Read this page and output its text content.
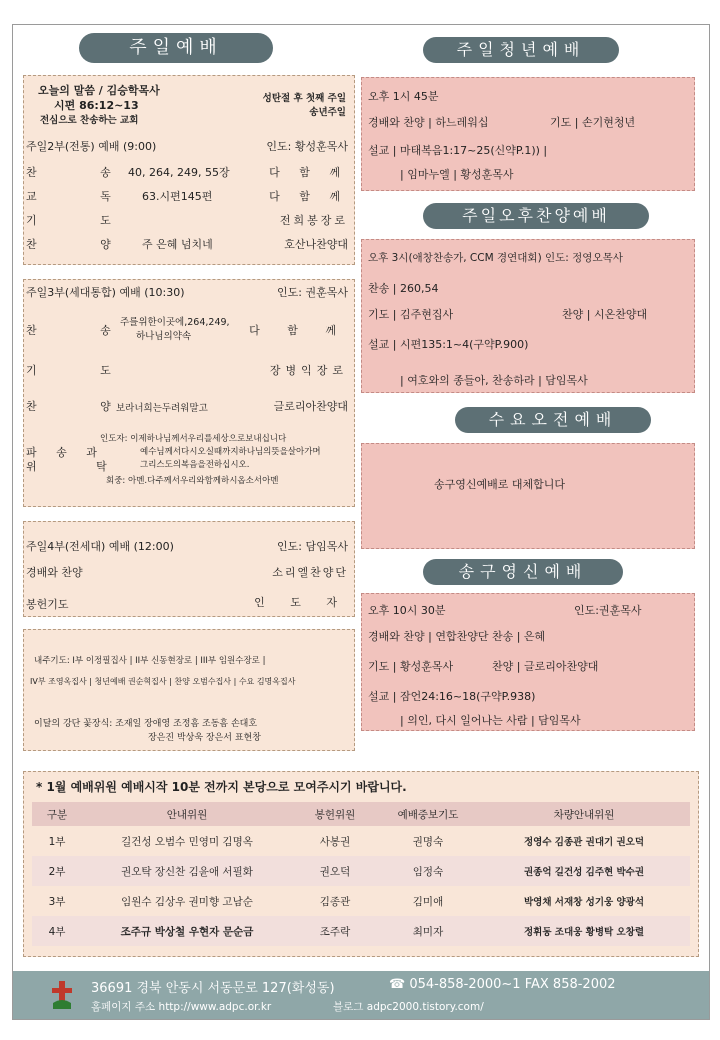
주일예배
오늘의 말씀 / 김승학목사
시편 86:12~13
전심으로 찬송하는 교회
성탄절 후 첫째 주일
송년주일
주일2부(전통) 예배 (9:00)	인도: 황성훈목사
찬 송
40, 264, 249, 55장	다 함 께
교 독 63.시편145편	다 함 께
기 도	전희봉장로
찬 양 주 은혜 넘치네	호산나찬양대
주일3부(세대통합) 예배 (10:30)	인도: 권훈목사
찬 송
주를위한이곳에,264,249,
하나님의약속	다 함 께
기 도	장병익장로
찬 양
보라너희는두려워말고	글로리아찬양대
파 송 과
위 탁
인도자: 이제하나님께서우리를세상으로보내십니다
예수님께서다시오실때까지하나님의뜻을살아가며
그리스도의복음을전하십시오.
회중: 아멘.다주께서우리와함께하시옵소서아멘
주일4부(전세대) 예배 (12:00)	인도: 담임목사
경배와 찬양	소리엘찬양단
봉헌기도	인 도 자
내주기도: I부 이정필집사 | II부 신동현장로 | III부 임원수장로 |
IV부 조영옥집사 | 청년예배 권순혁집사 | 찬양 오범수집사 | 수요 김명옥집사
이달의 강단 꽃장식: 조재일 장애영 조정흠 조동흠 손대호
장은진 박상욱 장은서 표현창
주일청년예배
오후 1시 45분
경배와 찬양 | 하느레워십	기도 | 손기현청년
설교 | 마태복음1:17~25(신약P.1)) |
| 임마누엘 | 황성훈목사
주일오후찬양예배
오후 3시(애창찬송가, CCM 경연대회) 인도: 정영오목사
찬송 | 260,54
기도 | 김주현집사	찬양 | 시온찬양대
설교 | 시편135:1~4(구약P.900)
| 여호와의 종들아, 찬송하라 | 담임목사
수요오전예배
송구영신예배로 대체합니다
송구영신예배
오후 10시 30분	인도:권훈목사
경배와 찬양 | 연합찬양단 찬송 | 은혜
기도 | 황성훈목사	찬양 | 글로리아찬양대
설교 | 잠언24:16~18(구약P.938)
| 의인, 다시 일어나는 사람 | 담임목사
* 1월 예배위원 예배시작 10분 전까지 본당으로 모여주시기 바랍니다.
구분	안내위원	봉헌위원	예배중보기도	차량안내위원
1부	길건성 오범수 민영미 김명옥	사봉권	권명숙	정영수 김종관 권대기 권오덕
2부	권오탁 장신찬 김윤애 서필화	권오덕	임정숙	권종억 길건성 김주현 박수권
3부	임원수 김상우 권미향 고남순	김종관	김미애	박영채 서재창 성기웅 양광석
4부	조주규 박상철 우현자 문순금	조주락	최미자	정휘동 조대웅 황병탁 오창렬
36691 경북 안동시 서동문로 127(화성동)	☎ 054-858-2000~1 FAX 858-2002
홈페이지 주소 http://www.adpc.or.kr	블로그 adpc2000.tistory.com/
